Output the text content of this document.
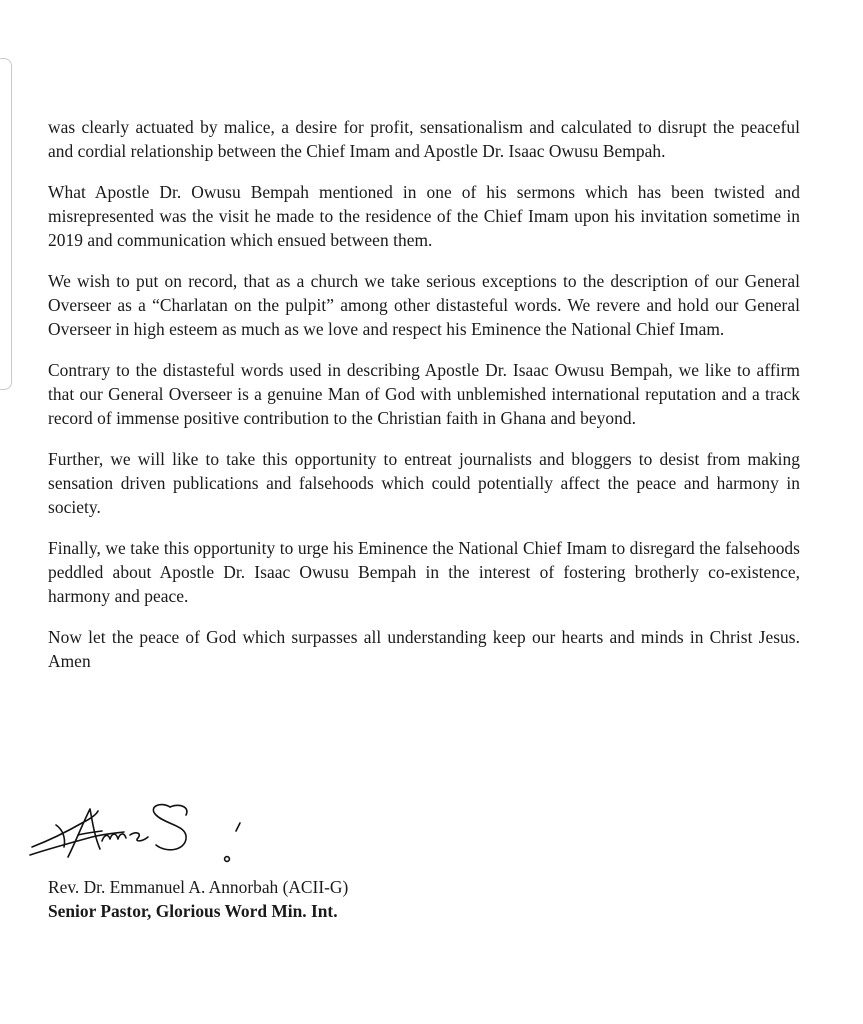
was clearly actuated by malice, a desire for profit, sensationalism and calculated to disrupt the peaceful and cordial relationship between the Chief Imam and Apostle Dr. Isaac Owusu Bempah.

What Apostle Dr. Owusu Bempah mentioned in one of his sermons which has been twisted and misrepresented was the visit he made to the residence of the Chief Imam upon his invitation sometime in 2019 and communication which ensued between them.

We wish to put on record, that as a church we take serious exceptions to the description of our General Overseer as a “Charlatan on the pulpit” among other distasteful words. We revere and hold our General Overseer in high esteem as much as we love and respect his Eminence the National Chief Imam.

Contrary to the distasteful words used in describing Apostle Dr. Isaac Owusu Bempah, we like to affirm that our General Overseer is a genuine Man of God with unblemished international reputation and a track record of immense positive contribution to the Christian faith in Ghana and beyond.

Further, we will like to take this opportunity to entreat journalists and bloggers to desist from making sensation driven publications and falsehoods which could potentially affect the peace and harmony in society.

Finally, we take this opportunity to urge his Eminence the National Chief Imam to disregard the falsehoods peddled about Apostle Dr. Isaac Owusu Bempah in the interest of fostering brotherly co-existence, harmony and peace.

Now let the peace of God which surpasses all understanding keep our hearts and minds in Christ Jesus. Amen

Rev. Dr. Emmanuel A. Annorbah (ACII-G)
Senior Pastor, Glorious Word Min. Int.
